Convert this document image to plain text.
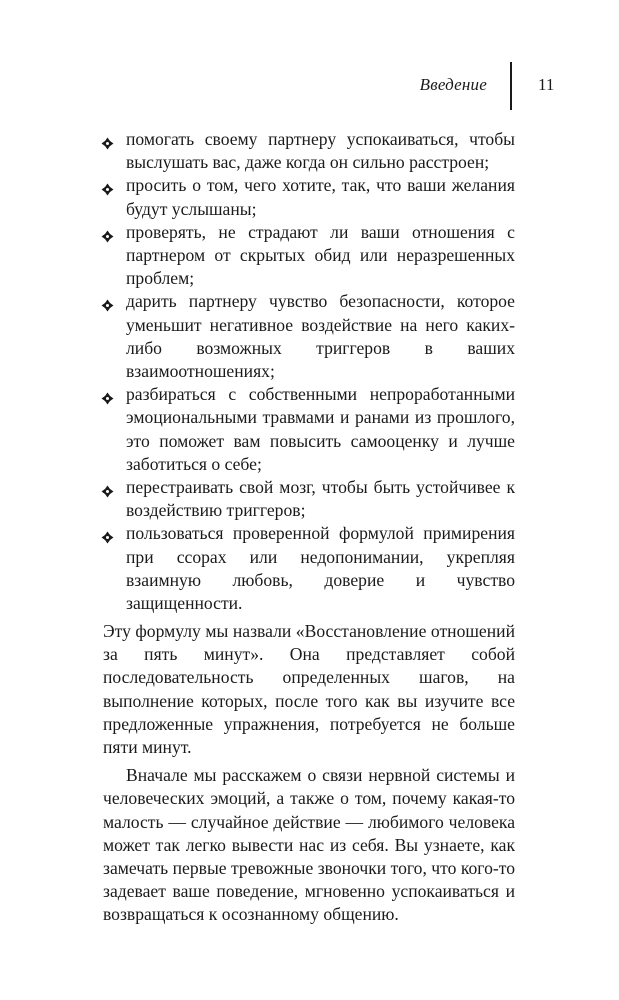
Введение	11
помогать своему партнеру успокаиваться, чтобы выслушать вас, даже когда он сильно расстроен;
просить о том, чего хотите, так, что ваши желания будут услышаны;
проверять, не страдают ли ваши отношения с партнером от скрытых обид или неразрешенных проблем;
дарить партнеру чувство безопасности, которое уменьшит негативное воздействие на него каких-либо возможных триггеров в ваших взаимоотношениях;
разбираться с собственными непроработанными эмоциональными травмами и ранами из прошлого, это поможет вам повысить самооценку и лучше заботиться о себе;
перестраивать свой мозг, чтобы быть устойчивее к воздействию триггеров;
пользоваться проверенной формулой примирения при ссорах или недопонимании, укрепляя взаимную любовь, доверие и чувство защищенности.

Эту формулу мы назвали «Восстановление отношений за пять минут». Она представляет собой последовательность определенных шагов, на выполнение которых, после того как вы изучите все предложенные упражнения, потребуется не больше пяти минут.

Вначале мы расскажем о связи нервной системы и человеческих эмоций, а также о том, почему какая-то малость — случайное действие — любимого человека может так легко вывести нас из себя. Вы узнаете, как замечать первые тревожные звоночки того, что кого-то задевает ваше поведение, мгновенно успокаиваться и возвращаться к осознанному общению.
